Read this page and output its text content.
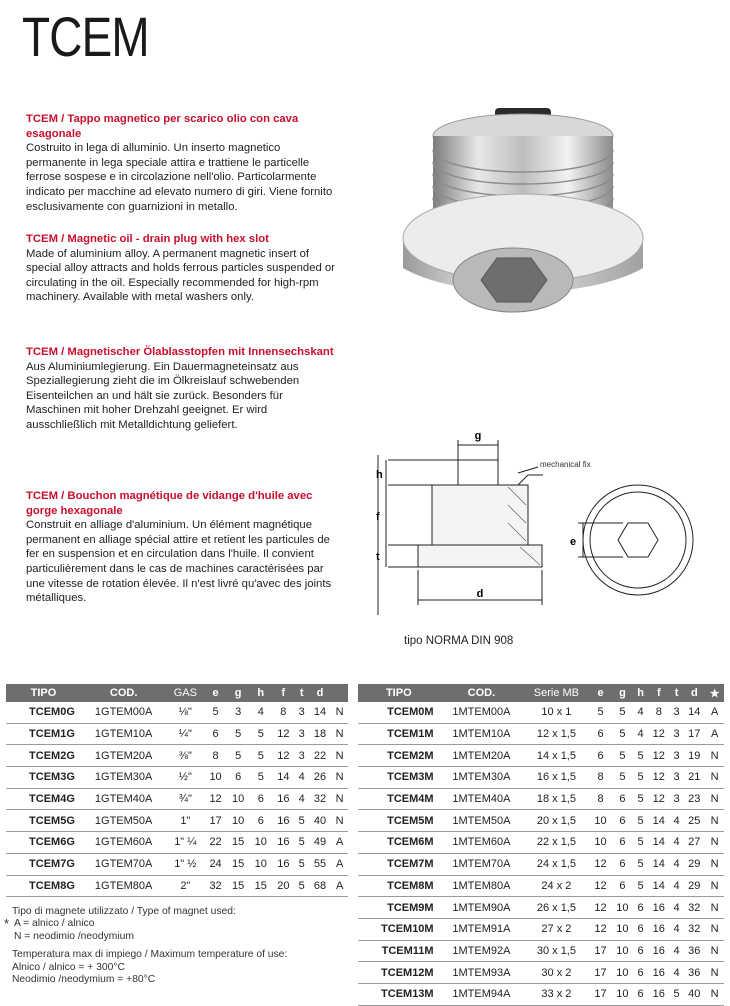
TCEM
TCEM / Tappo magnetico per scarico olio con cava esagonale
Costruito in lega di alluminio. Un inserto magnetico permanente in lega speciale attira e trattiene le particelle ferrose sospese e in circolazione nell'olio. Particolarmente indicato per macchine ad elevato numero di giri. Viene fornito esclusivamente con guarnizioni in metallo.
TCEM / Magnetic oil - drain plug with hex slot
Made of aluminium alloy. A permanent magnetic insert of special alloy attracts and holds ferrous particles suspended or circulating in the oil. Especially recommended for high-rpm machinery. Available with metal washers only.
TCEM / Magnetischer Ölablasstopfen mit Innensechskant
Aus Aluminiumlegierung. Ein Dauermagneteinsatz aus Speziallegierung zieht die im Ölkreislauf schwebenden Eisenteilchen an und hält sie zurück. Besonders für Maschinen mit hoher Drehzahl geeignet. Er wird ausschließlich mit Metalldichtung geliefert.
TCEM / Bouchon magnétique de vidange d'huile avec gorge hexagonale
Construit en alliage d'aluminium. Un élément magnétique permanent en alliage spécial attire et retient les particules de fer en suspension et en circulation dans l'huile. Il convient particulièrement dans le cas de machines caractérisées par une vitesse de rotation élevée. Il n'est livré qu'avec des joints métalliques.
g
h
f
t
d
e
mechanical fix
tipo NORMA DIN 908
TIPO	COD.	GAS	e	g	h	f	t	d	
TCEM0G	1GTEM00A	⅛"	5	3	4	8	3	14	N
TCEM1G	1GTEM10A	¼"	6	5	5	12	3	18	N
TCEM2G	1GTEM20A	⅜"	8	5	5	12	3	22	N
TCEM3G	1GTEM30A	½"	10	6	5	14	4	26	N
TCEM4G	1GTEM40A	¾"	12	10	6	16	4	32	N
TCEM5G	1GTEM50A	1"	17	10	6	16	5	40	N
TCEM6G	1GTEM60A	1" ¼	22	15	10	16	5	49	A
TCEM7G	1GTEM70A	1" ½	24	15	10	16	5	55	A
TCEM8G	1GTEM80A	2"	32	15	15	20	5	68	A
TIPO	COD.	Serie MB	e	g	h	f	t	d	★
TCEM0M	1MTEM00A	10 x 1	5	5	4	8	3	14	A
TCEM1M	1MTEM10A	12 x 1,5	6	5	4	12	3	17	A
TCEM2M	1MTEM20A	14 x 1,5	6	5	5	12	3	19	N
TCEM3M	1MTEM30A	16 x 1,5	8	5	5	12	3	21	N
TCEM4M	1MTEM40A	18 x 1,5	8	6	5	12	3	23	N
TCEM5M	1MTEM50A	20 x 1,5	10	6	5	14	4	25	N
TCEM6M	1MTEM60A	22 x 1,5	10	6	5	14	4	27	N
TCEM7M	1MTEM70A	24 x 1,5	12	6	5	14	4	29	N
TCEM8M	1MTEM80A	24 x 2	12	6	5	14	4	29	N
TCEM9M	1MTEM90A	26 x 1,5	12	10	6	16	4	32	N
TCEM10M	1MTEM91A	27 x 2	12	10	6	16	4	32	N
TCEM11M	1MTEM92A	30 x 1,5	17	10	6	16	4	36	N
TCEM12M	1MTEM93A	30 x 2	17	10	6	16	4	36	N
TCEM13M	1MTEM94A	33 x 2	17	10	6	16	5	40	N
*
Tipo di magnete utilizzato / Type of magnet used:
A = alnico / alnico
N = neodimio /neodymium
Temperatura max di impiego / Maximum temperature of use:
Alnico / alnico = + 300°C
Neodimio /neodymium = +80°C
